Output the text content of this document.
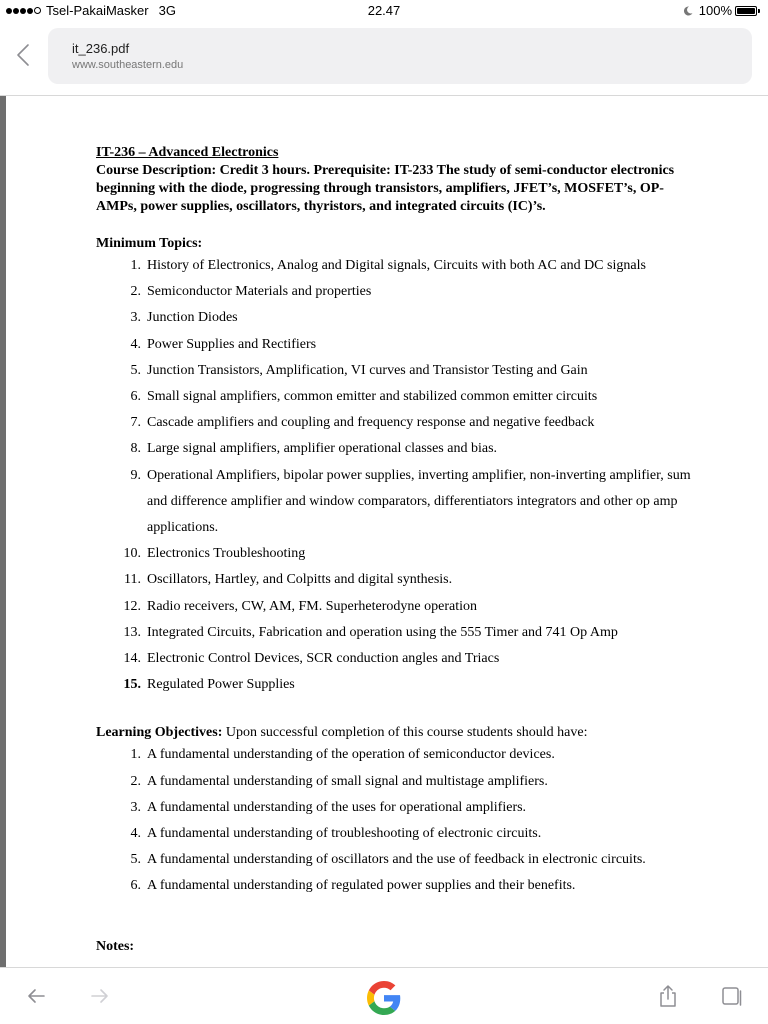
Tsel-PakaiMasker 3G	22.47	100%
it_236.pdf
www.southeastern.edu
IT-236 – Advanced Electronics
Course Description: Credit 3 hours. Prerequisite: IT-233 The study of semi-conductor electronics beginning with the diode, progressing through transistors, amplifiers, JFET’s, MOSFET’s, OP-AMPs, power supplies, oscillators, thyristors, and integrated circuits (IC)’s.
Minimum Topics:
1. History of Electronics, Analog and Digital signals, Circuits with both AC and DC signals
2. Semiconductor Materials and properties
3. Junction Diodes
4. Power Supplies and Rectifiers
5. Junction Transistors, Amplification, VI curves and Transistor Testing and Gain
6. Small signal amplifiers, common emitter and stabilized common emitter circuits
7. Cascade amplifiers and coupling and frequency response and negative feedback
8. Large signal amplifiers, amplifier operational classes and bias.
9. Operational Amplifiers, bipolar power supplies, inverting amplifier, non-inverting amplifier, sum and difference amplifier and window comparators, differentiators integrators and other op amp applications.
10. Electronics Troubleshooting
11. Oscillators, Hartley, and Colpitts and digital synthesis.
12. Radio receivers, CW, AM, FM. Superheterodyne operation
13. Integrated Circuits, Fabrication and operation using the 555 Timer and 741 Op Amp
14. Electronic Control Devices, SCR conduction angles and Triacs
15. Regulated Power Supplies
Learning Objectives: Upon successful completion of this course students should have:
1. A fundamental understanding of the operation of semiconductor devices.
2. A fundamental understanding of small signal and multistage amplifiers.
3. A fundamental understanding of the uses for operational amplifiers.
4. A fundamental understanding of troubleshooting of electronic circuits.
5. A fundamental understanding of oscillators and the use of feedback in electronic circuits.
6. A fundamental understanding of regulated power supplies and their benefits.
Notes:
